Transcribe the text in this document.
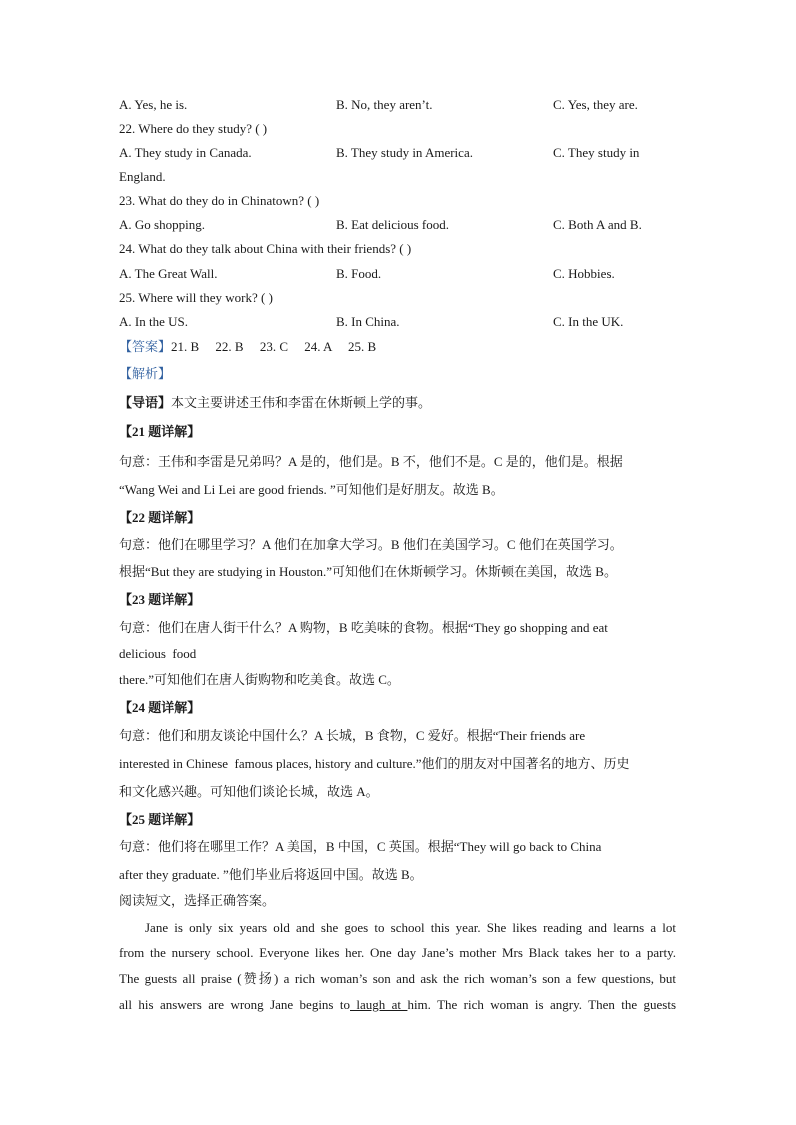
A. Yes, he is.	B. No, they aren’t.	C. Yes, they are.
22. Where do they study? ( )
A. They study in Canada.	B. They study in America.	C. They study in
England.
23. What do they do in Chinatown? ( )
A. Go shopping.	B. Eat delicious food.	C. Both A and B.
24. What do they talk about China with their friends? ( )
A. The Great Wall.	B. Food.	C. Hobbies.
25. Where will they work? ( )
A. In the US.	B. In China.	C. In the UK.
【答案】21. B     22. B     23. C     24. A     25. B
【解析】
【导语】本文主要讲述王伟和李雷在休斯顿上学的事。
【21 题详解】
句意：王伟和李雷是兄弟吗？A 是的，他们是。B 不，他们不是。C 是的，他们是。根据
“Wang Wei and Li Lei are good friends. ”可知他们是好朋友。故选 B。
【22 题详解】
句意：他们在哪里学习？A 他们在加拿大学习。B 他们在美国学习。C 他们在英国学习。
根据“But they are studying in Houston.”可知他们在休斯顿学习。休斯顿在美国，故选 B。
【23 题详解】
句意：他们在唐人街干什么？A 购物，B 吃美味的食物。根据“They go shopping and eat
delicious  food
there.”可知他们在唐人街购物和吃美食。故选 C。
【24 题详解】
句意：他们和朋友谈论中国什么？A 长城，B 食物，C 爱好。根据“Their friends are
interested in Chinese  famous places, history and culture.”他们的朋友对中国著名的地方、历史
和文化感兴趣。可知他们谈论长城，故选 A。
【25 题详解】
句意：他们将在哪里工作？A 美国，B 中国，C 英国。根据“They will go back to China
after they graduate. ”他们毕业后将返回中国。故选 B。
阅读短文，选择正确答案。
Jane is only six years old and she goes to school this year. She likes reading and learns a lot
from the nursery school. Everyone likes her. One day Jane’s mother Mrs Black takes her to a party.
The guests all praise (赞扬) a rich woman’s son and ask the rich woman’s son a few questions, but
all his answers are wrong Jane begins to laugh at him. The rich woman is angry. Then the guests
